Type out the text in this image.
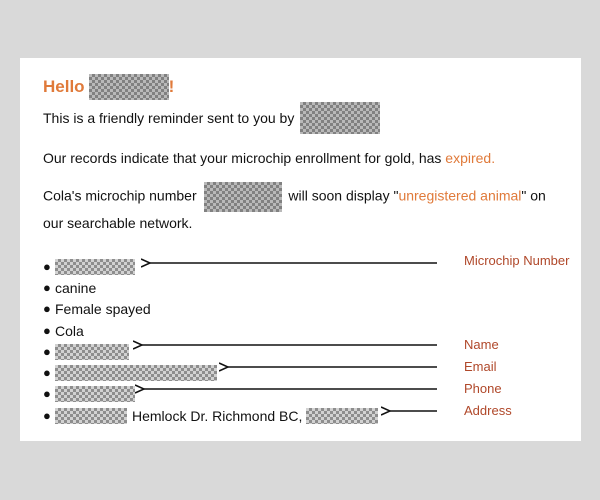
Hello	!
This is a friendly reminder sent to you by
Our records indicate that your microchip enrollment for gold, has expired.
Cola's microchip number	will soon display "unregistered animal" on our searchable network.
●
● canine
● Female spayed
● Cola
●
●
●
●	Hemlock Dr. Richmond BC,
Microchip Number
Name
Email
Phone
Address
